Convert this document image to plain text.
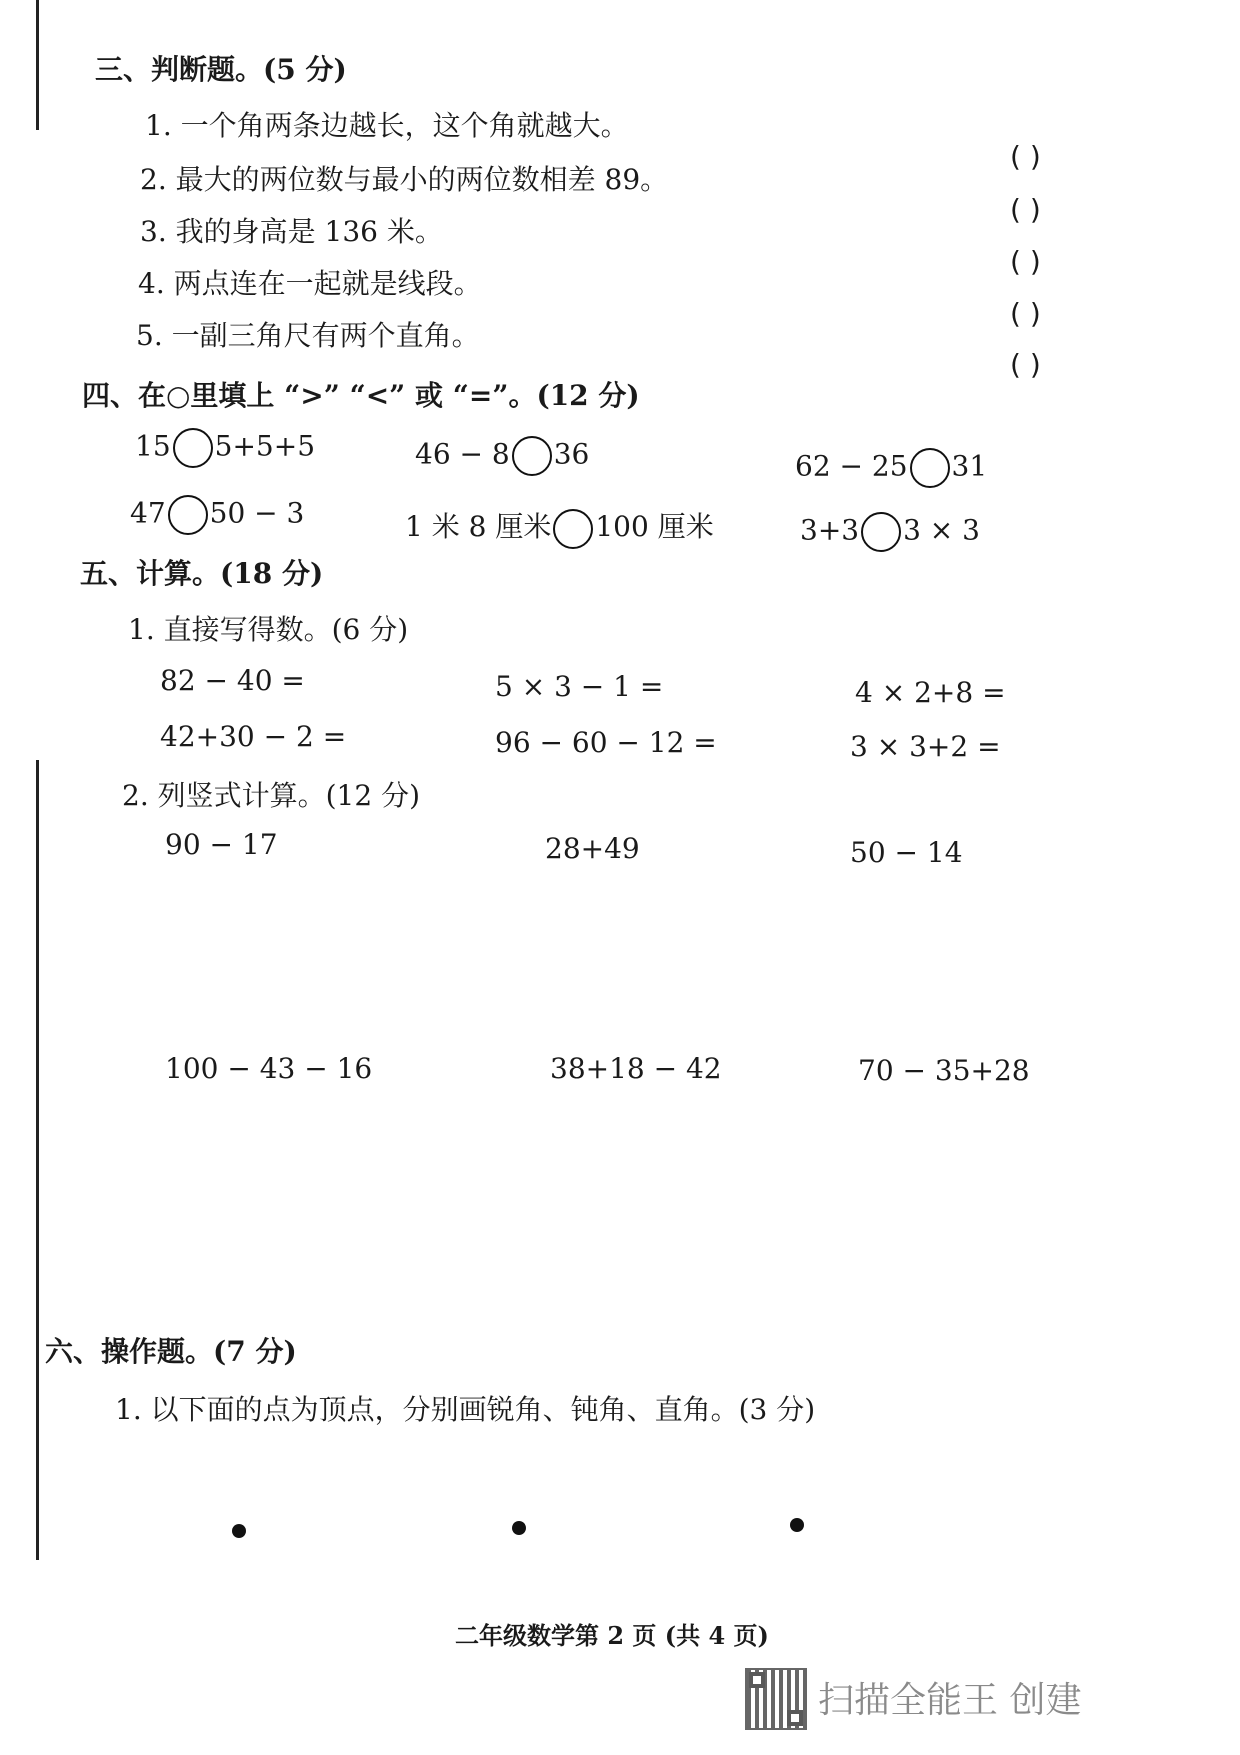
三、判断题。(5 分)
1. 一个角两条边越长，这个角就越大。
2. 最大的两位数与最小的两位数相差 89。
3. 我的身高是 136 米。
4. 两点连在一起就是线段。
5. 一副三角尺有两个直角。
( )
( )
( )
( )
( )
四、在○里填上 “>” “<” 或 “=”。(12 分)
15 5+5+5	46 − 8 36	62 − 25 31
47 50 − 3	1 米 8 厘米 100 厘米	3+3 3 × 3
五、计算。(18 分)
1. 直接写得数。(6 分)
82 − 40 =	5 × 3 − 1 =	4 × 2+8 =
42+30 − 2 =	96 − 60 − 12 =	3 × 3+2 =
2. 列竖式计算。(12 分)
90 − 17	28+49	50 − 14
100 − 43 − 16	38+18 − 42	70 − 35+28
六、操作题。(7 分)
1. 以下面的点为顶点，分别画锐角、钝角、直角。(3 分)
二年级数学第 2 页 (共 4 页)
扫描全能王 创建
